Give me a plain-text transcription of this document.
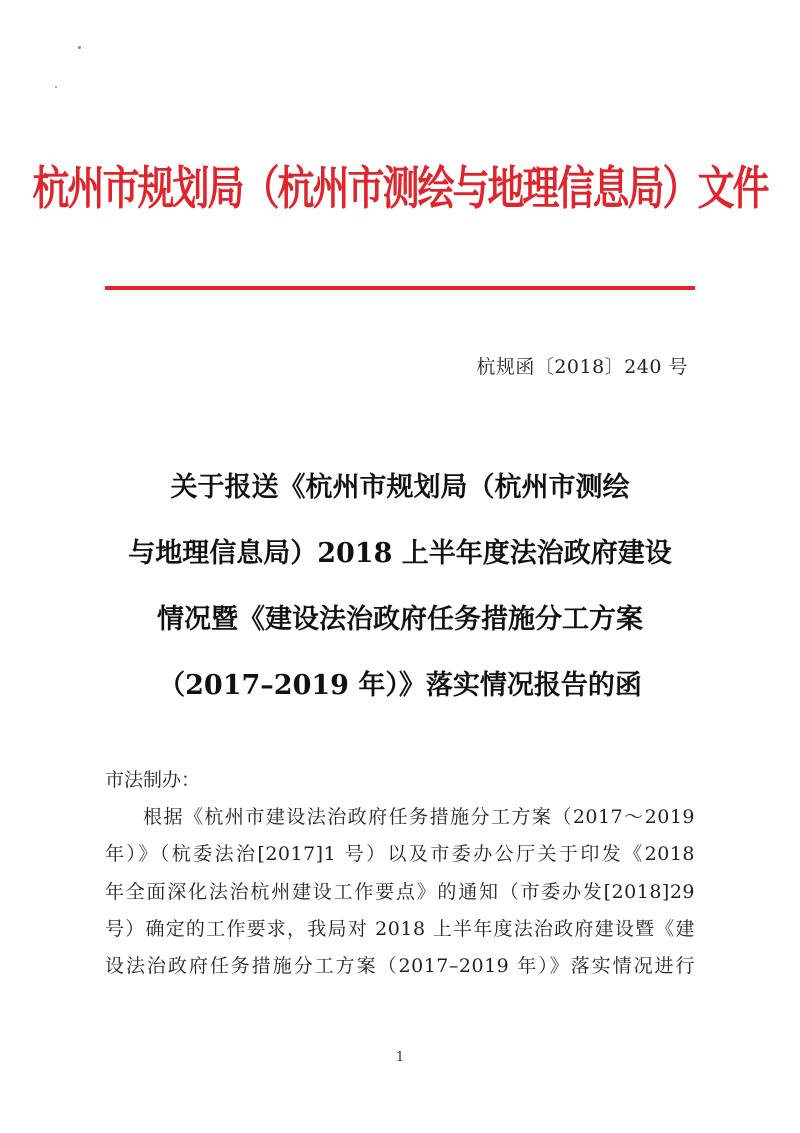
杭州市规划局（杭州市测绘与地理信息局）文件
杭规函〔2018〕240 号
关于报送《杭州市规划局（杭州市测绘
与地理信息局）2018 上半年度法治政府建设
情况暨《建设法治政府任务措施分工方案
（2017–2019 年）》落实情况报告的函
市法制办：
根据《杭州市建设法治政府任务措施分工方案（2017～2019
年）》（杭委法治[2017]1 号）以及市委办公厅关于印发《2018
年全面深化法治杭州建设工作要点》的通知（市委办发[2018]29
号）确定的工作要求，我局对 2018 上半年度法治政府建设暨《建
设法治政府任务措施分工方案（2017–2019 年）》落实情况进行
1
